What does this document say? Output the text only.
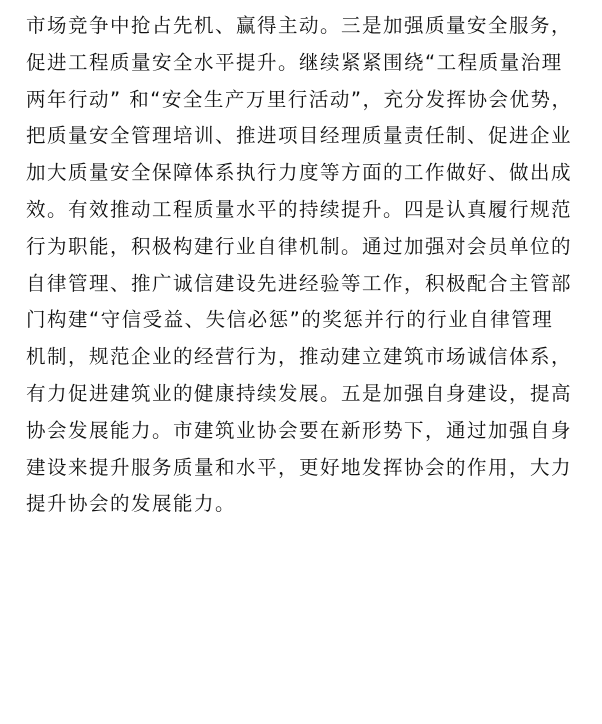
市场竞争中抢占先机、赢得主动。三是加强质量安全服务，
促进工程质量安全水平提升。继续紧紧围绕“工程质量治理
两年行动” 和“安全生产万里行活动”，充分发挥协会优势，
把质量安全管理培训、推进项目经理质量责任制、促进企业
加大质量安全保障体系执行力度等方面的工作做好、做出成
效。有效推动工程质量水平的持续提升。四是认真履行规范
行为职能，积极构建行业自律机制。通过加强对会员单位的
自律管理、推广诚信建设先进经验等工作，积极配合主管部
门构建“守信受益、失信必惩”的奖惩并行的行业自律管理
机制，规范企业的经营行为，推动建立建筑市场诚信体系，
有力促进建筑业的健康持续发展。五是加强自身建设，提高
协会发展能力。市建筑业协会要在新形势下，通过加强自身
建设来提升服务质量和水平，更好地发挥协会的作用，大力
提升协会的发展能力。
